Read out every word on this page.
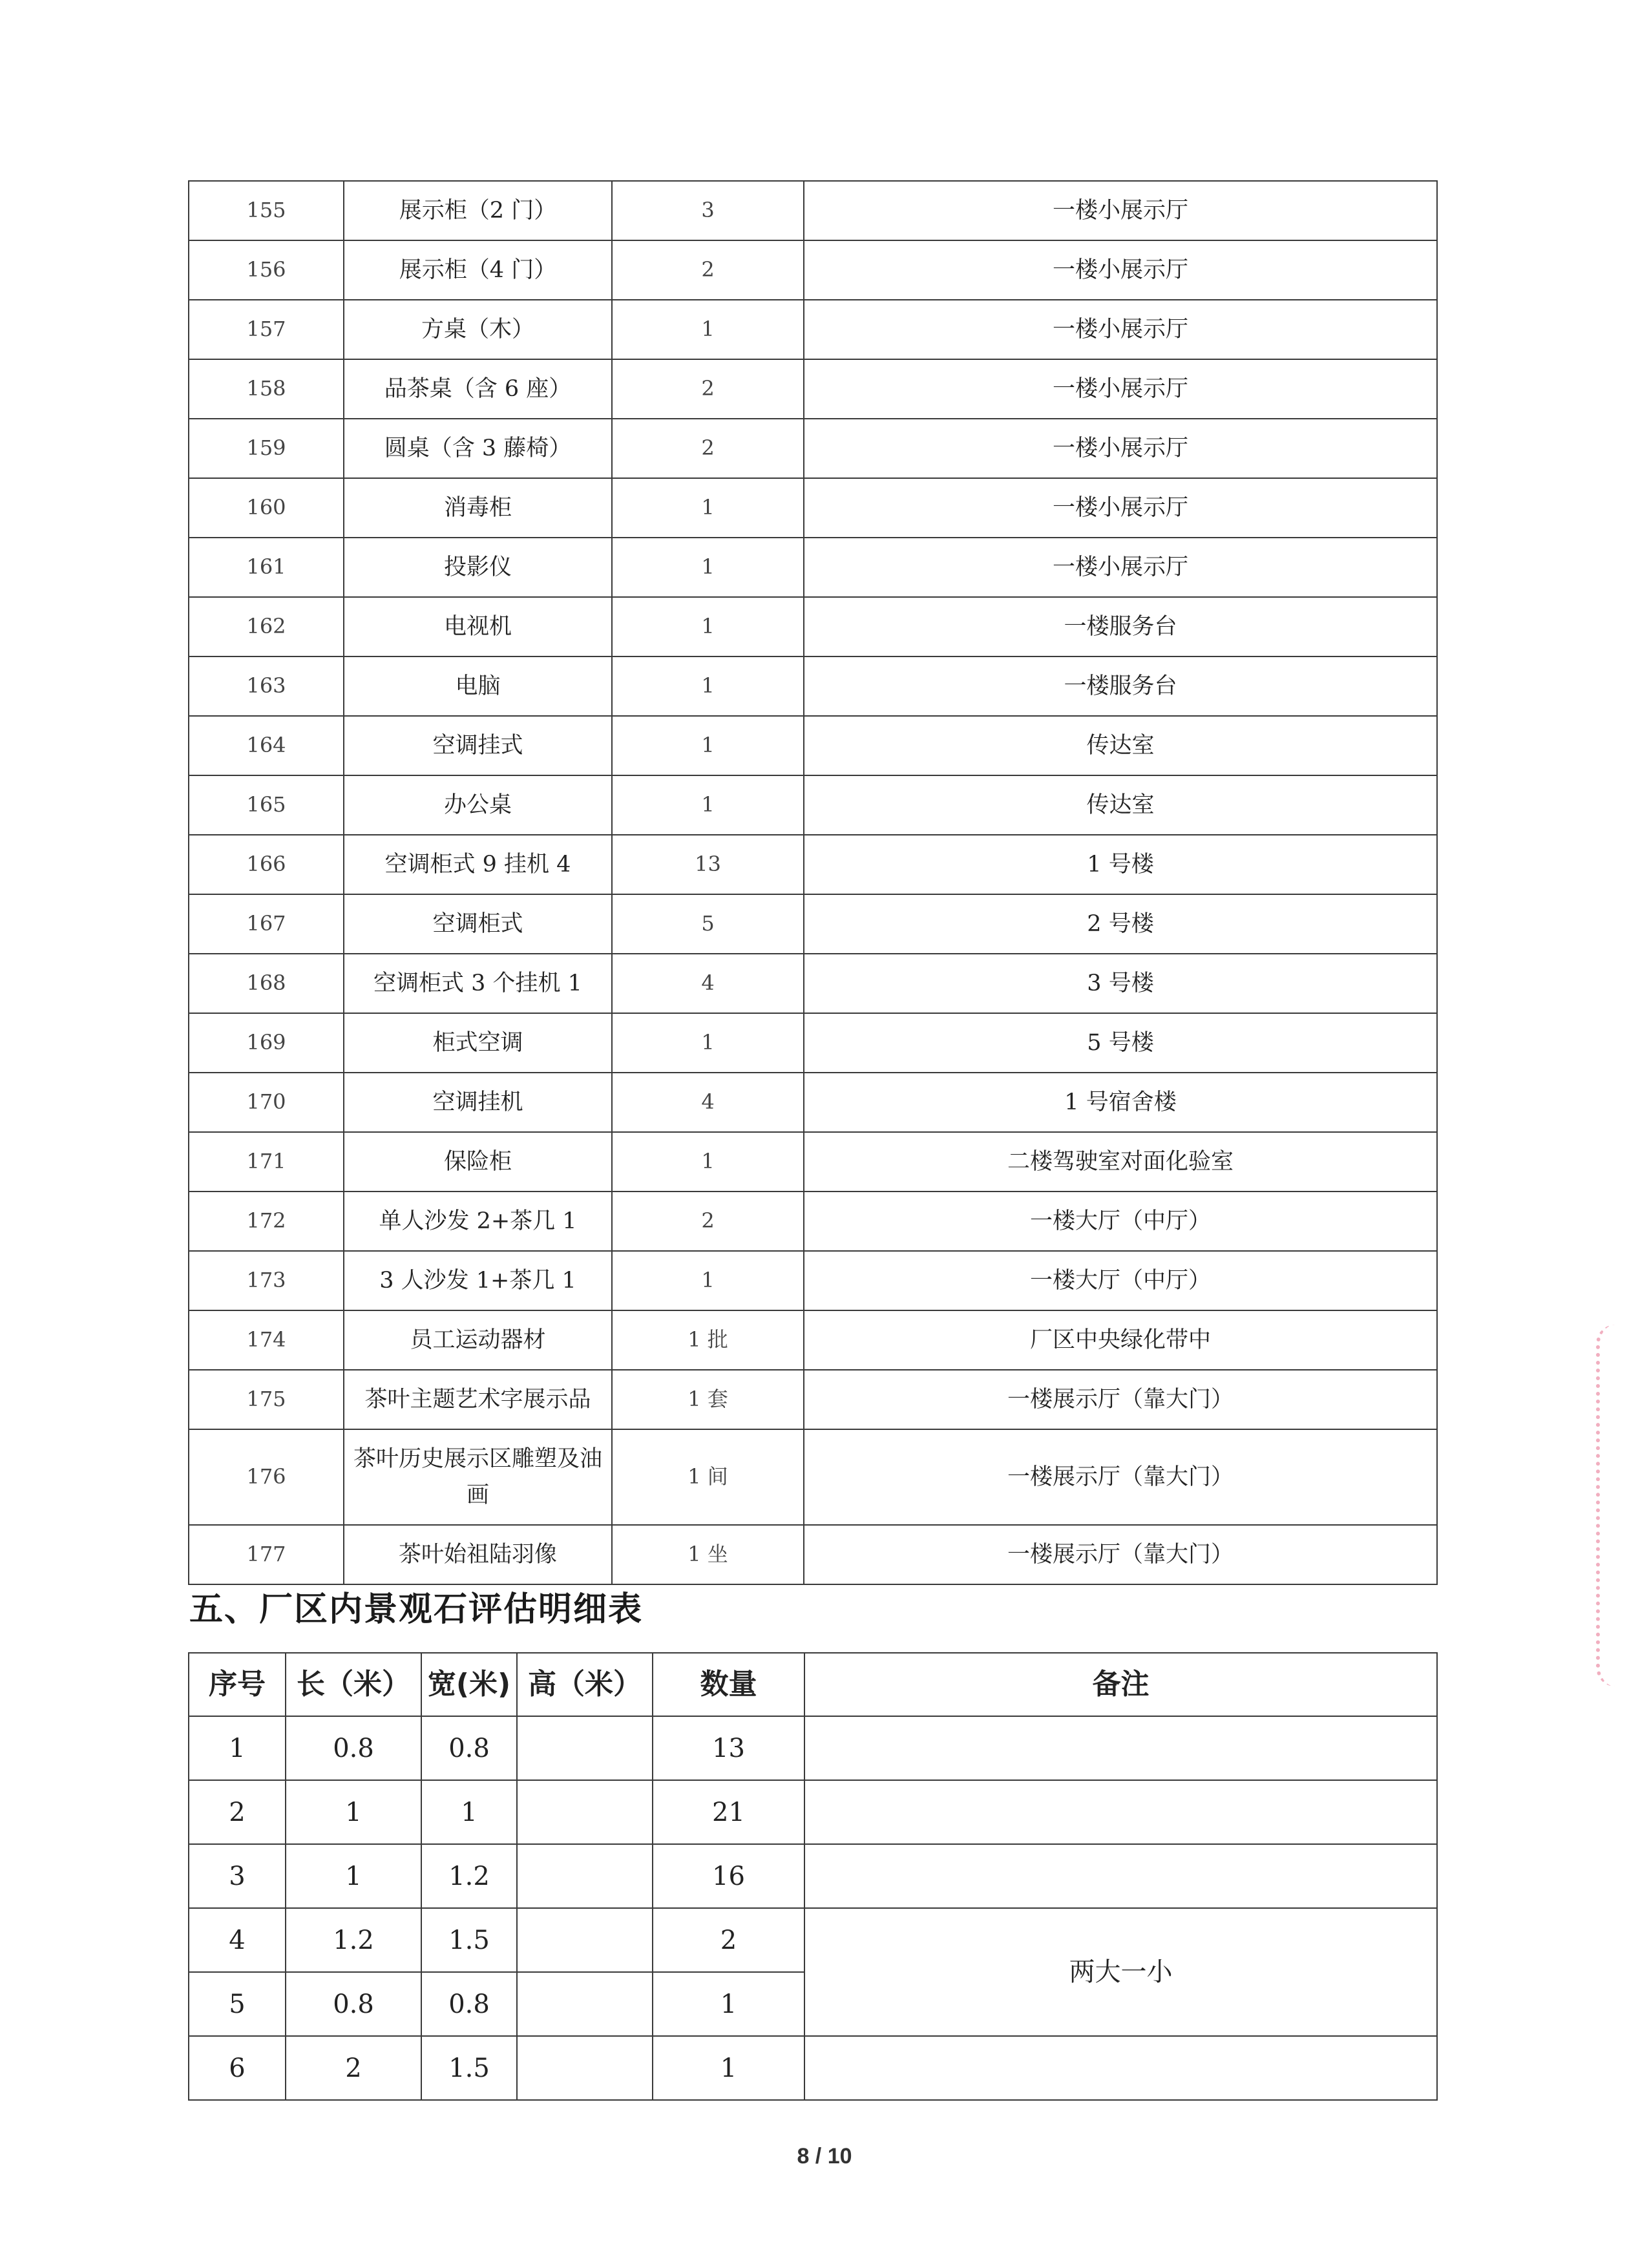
155	展示柜（2 门）	3	一楼小展示厅
156	展示柜（4 门）	2	一楼小展示厅
157	方桌（木）	1	一楼小展示厅
158	品茶桌（含 6 座）	2	一楼小展示厅
159	圆桌（含 3 藤椅）	2	一楼小展示厅
160	消毒柜	1	一楼小展示厅
161	投影仪	1	一楼小展示厅
162	电视机	1	一楼服务台
163	电脑	1	一楼服务台
164	空调挂式	1	传达室
165	办公桌	1	传达室
166	空调柜式 9 挂机 4	13	1 号楼
167	空调柜式	5	2 号楼
168	空调柜式 3 个挂机 1	4	3 号楼
169	柜式空调	1	5 号楼
170	空调挂机	4	1 号宿舍楼
171	保险柜	1	二楼驾驶室对面化验室
172	单人沙发 2+茶几 1	2	一楼大厅（中厅）
173	3 人沙发 1+茶几 1	1	一楼大厅（中厅）
174	员工运动器材	1 批	厂区中央绿化带中
175	茶叶主题艺术字展示品	1 套	一楼展示厅（靠大门）
176	茶叶历史展示区雕塑及油画	1 间	一楼展示厅（靠大门）
177	茶叶始祖陆羽像	1 坐	一楼展示厅（靠大门）
五、厂区内景观石评估明细表
序号	长（米）	宽(米)	高（米）	数量	备注
1	0.8	0.8		13	
2	1	1		21	
3	1	1.2		16	
4	1.2	1.5		2	两大一小
5	0.8	0.8		1	
6	2	1.5		1	
8 / 10
